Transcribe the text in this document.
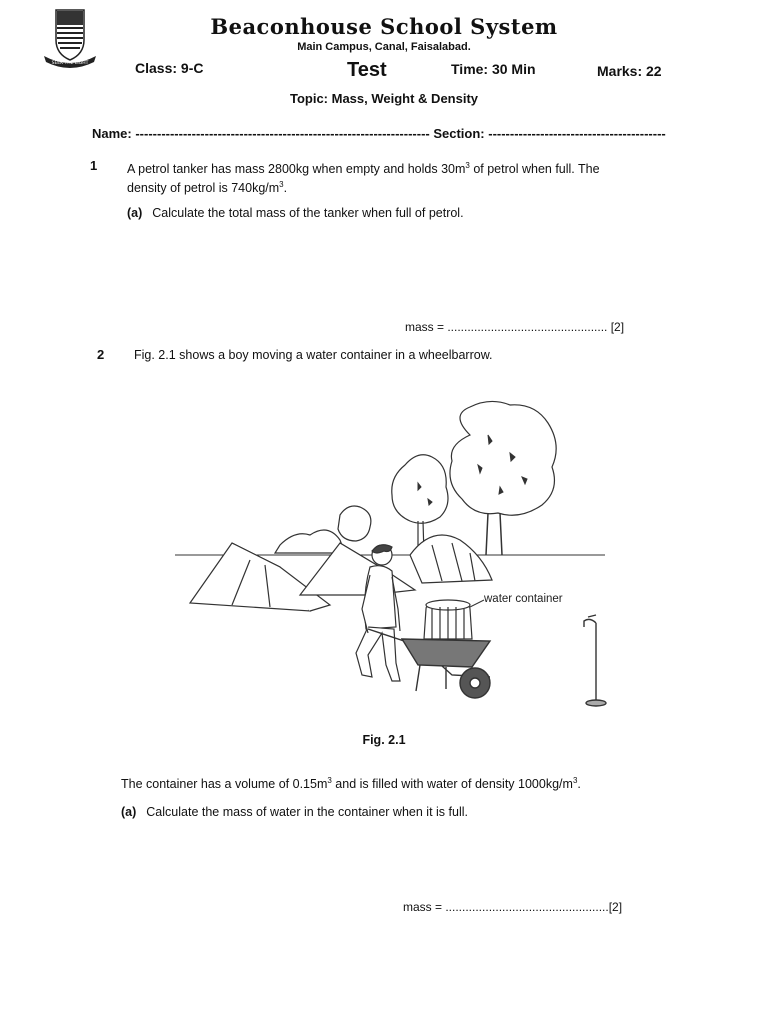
SEEK THE LIGHT
Beaconhouse School System
Main Campus, Canal, Faisalabad.
Class: 9-C	Test	Time: 30 Min	Marks: 22
Topic: Mass, Weight & Density
Name: -------------------------------------------------------------------- Section: -----------------------------------------
1 A petrol tanker has mass 2800kg when empty and holds $30m^3$ of petrol when full. The
density of petrol is $740kg/m^3$.
(a) Calculate the total mass of the tanker when full of petrol.
mass = ................................................ [2]
2 Fig. 2.1 shows a boy moving a water container in a wheelbarrow.
water container
Fig. 2.1
The container has a volume of $0.15m^3$ and is filled with water of density $1000kg/m^3$.
(a) Calculate the mass of water in the container when it is full.
mass = .................................................[2]
